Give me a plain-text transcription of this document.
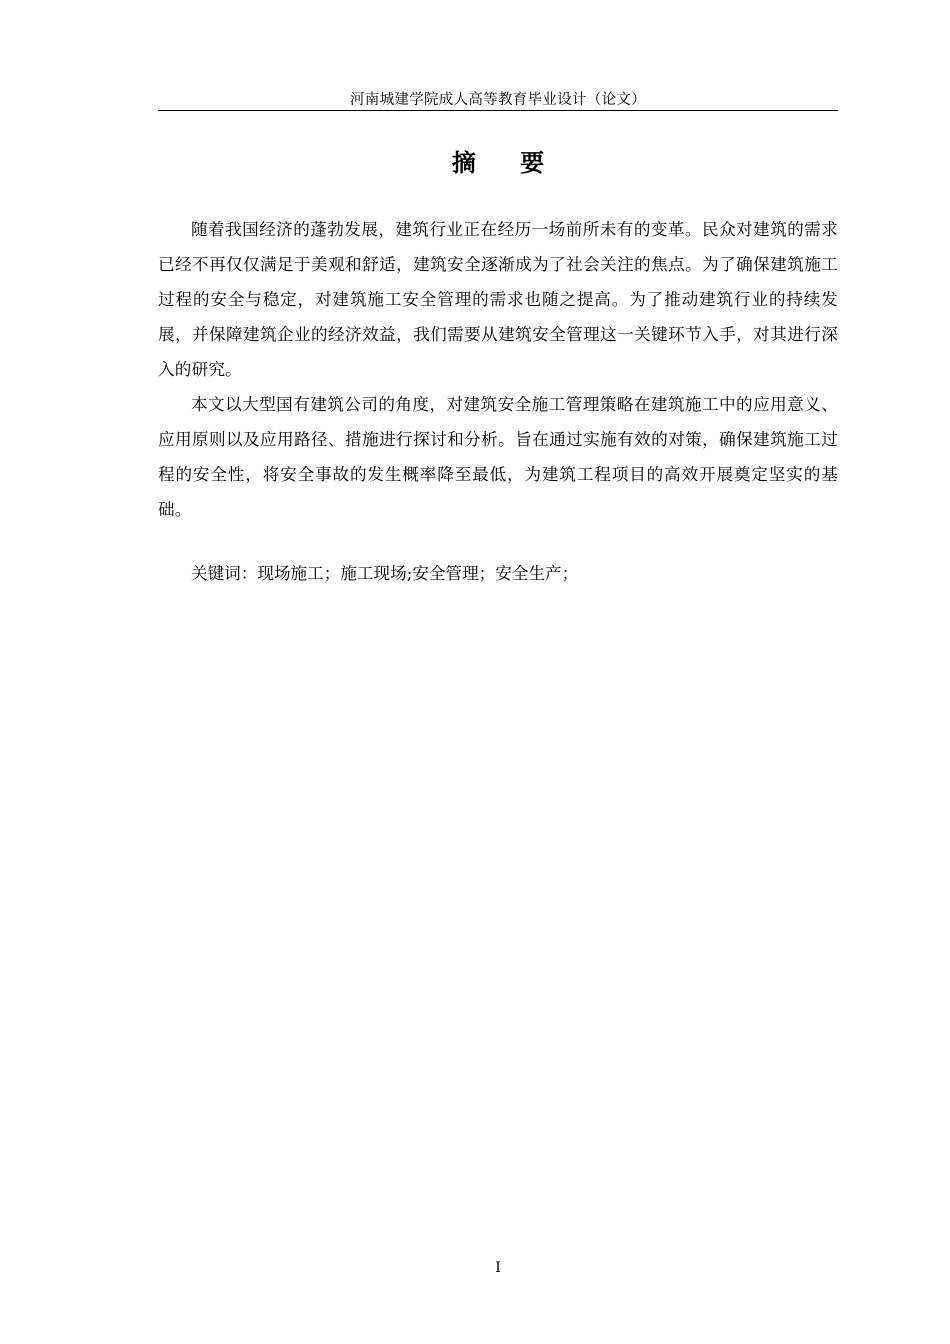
河南城建学院成人高等教育毕业设计（论文）
摘 要

随着我国经济的蓬勃发展，建筑行业正在经历一场前所未有的变革。民众对建筑的需求已经不再仅仅满足于美观和舒适，建筑安全逐渐成为了社会关注的焦点。为了确保建筑施工过程的安全与稳定，对建筑施工安全管理的需求也随之提高。为了推动建筑行业的持续发展，并保障建筑企业的经济效益，我们需要从建筑安全管理这一关键环节入手，对其进行深入的研究。

本文以大型国有建筑公司的角度，对建筑安全施工管理策略在建筑施工中的应用意义、应用原则以及应用路径、措施进行探讨和分析。旨在通过实施有效的对策，确保建筑施工过程的安全性，将安全事故的发生概率降至最低，为建筑工程项目的高效开展奠定坚实的基础。

关键词：现场施工；施工现场;安全管理；安全生产；
I
